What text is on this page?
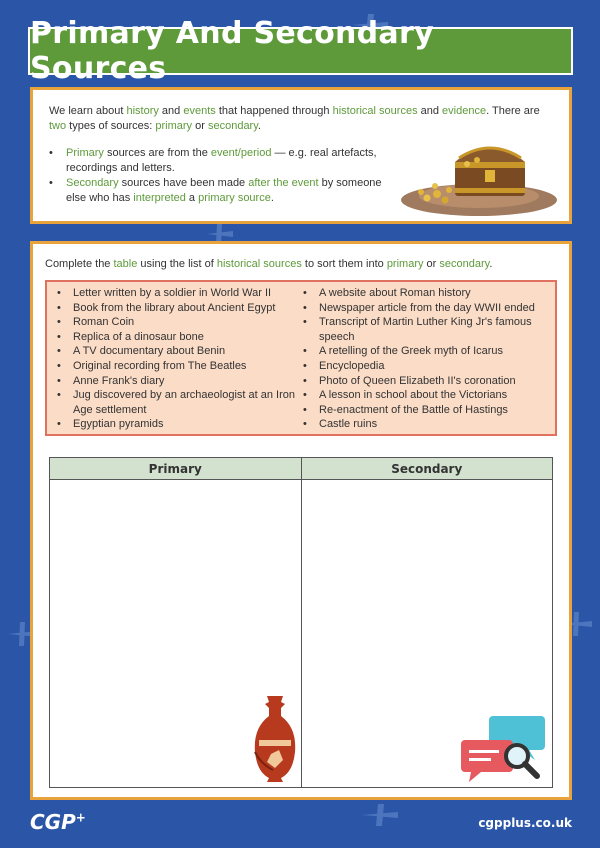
Primary And Secondary Sources

We learn about history and events that happened through historical sources and evidence. There are two types of sources: primary or secondary.

• Primary sources are from the event/period — e.g. real artefacts, recordings and letters.
• Secondary sources have been made after the event by someone else who has interpreted a primary source.

Complete the table using the list of historical sources to sort them into primary or secondary.

• Letter written by a soldier in World War II
• Book from the library about Ancient Egypt
• Roman Coin
• Replica of a dinosaur bone
• A TV documentary about Benin
• Original recording from The Beatles
• Anne Frank's diary
• Jug discovered by an archaeologist at an Iron Age settlement
• Egyptian pyramids
• A website about Roman history
• Newspaper article from the day WWII ended
• Transcript of Martin Luther King Jr's famous speech
• A retelling of the Greek myth of Icarus
• Encyclopedia
• Photo of Queen Elizabeth II's coronation
• A lesson in school about the Victorians
• Re-enactment of the Battle of Hastings
• Castle ruins
Primary	Secondary
CGP+	cgpplus.co.uk
